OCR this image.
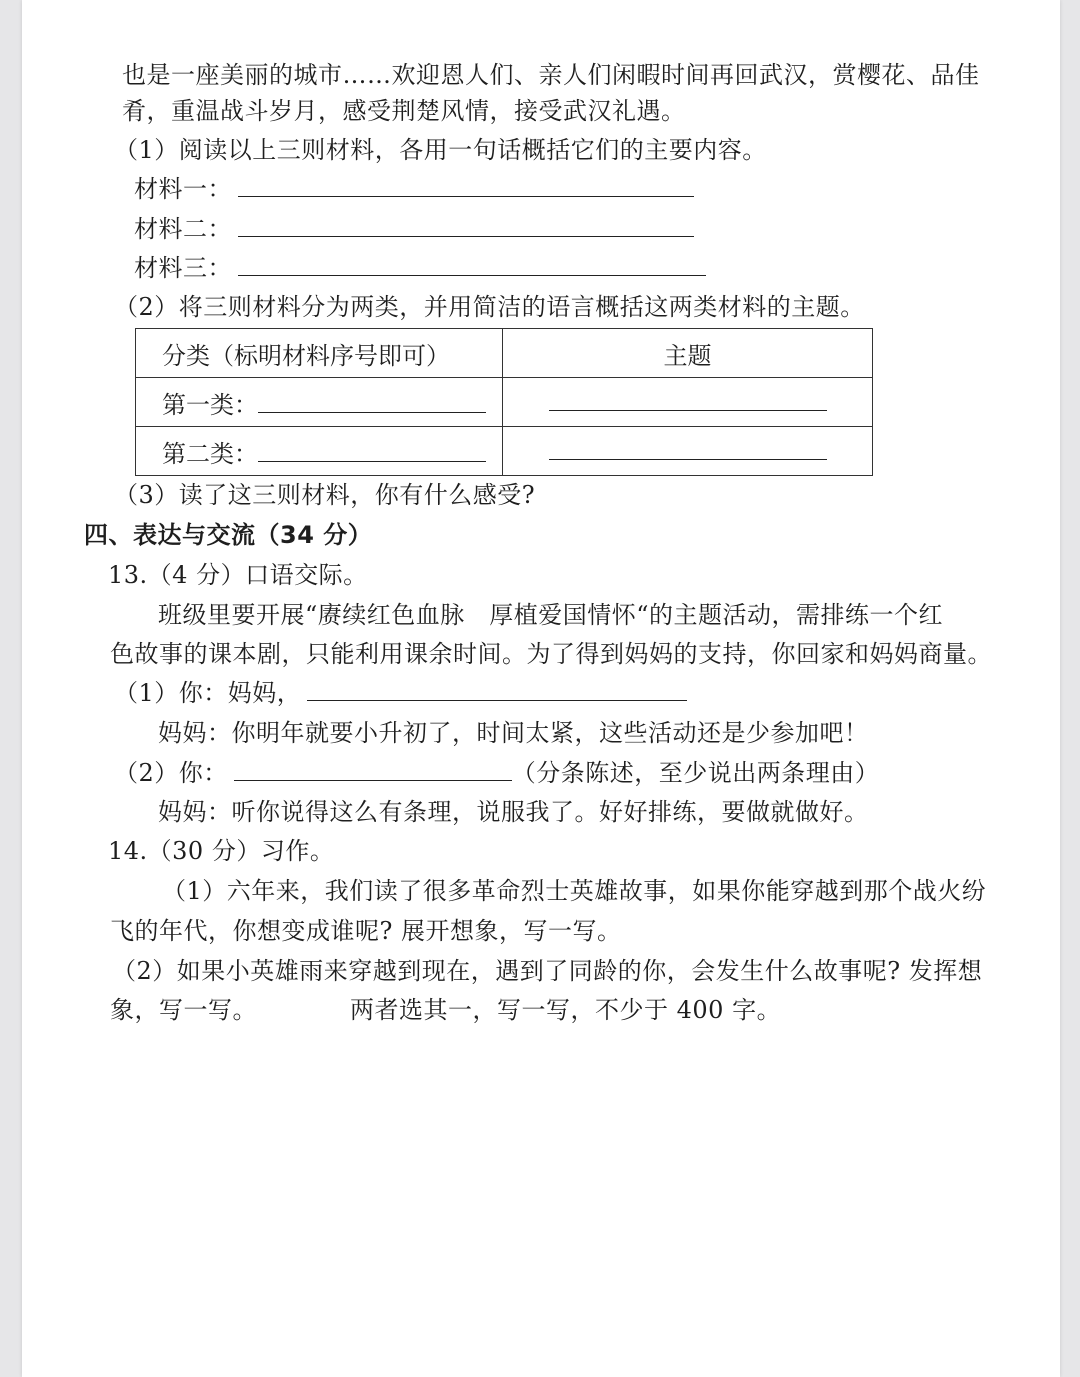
也是一座美丽的城市……欢迎恩人们、亲人们闲暇时间再回武汉，赏樱花、品佳
肴，重温战斗岁月，感受荆楚风情，接受武汉礼遇。
（1）阅读以上三则材料，各用一句话概括它们的主要内容。
材料一：
材料二：
材料三：
（2）将三则材料分为两类，并用简洁的语言概括这两类材料的主题。
分类（标明材料序号即可）	主题
第一类：	
第二类：	
（3）读了这三则材料，你有什么感受?
四、表达与交流（34 分）
13.（4 分）口语交际。
班级里要开展“赓续红色血脉　厚植爱国情怀“的主题活动，需排练一个红
色故事的课本剧，只能利用课余时间。为了得到妈妈的支持，你回家和妈妈商量。
（1）你：妈妈，
妈妈：你明年就要小升初了，时间太紧，这些活动还是少参加吧！
（2）你：	（分条陈述，至少说出两条理由）
妈妈：听你说得这么有条理，说服我了。好好排练，要做就做好。
14.（30 分）习作。
（1）六年来，我们读了很多革命烈士英雄故事，如果你能穿越到那个战火纷
飞的年代，你想变成谁呢? 展开想象，写一写。
（2）如果小英雄雨来穿越到现在，遇到了同龄的你，会发生什么故事呢? 发挥想
象，写一写。	两者选其一，写一写，不少于 400 字。
